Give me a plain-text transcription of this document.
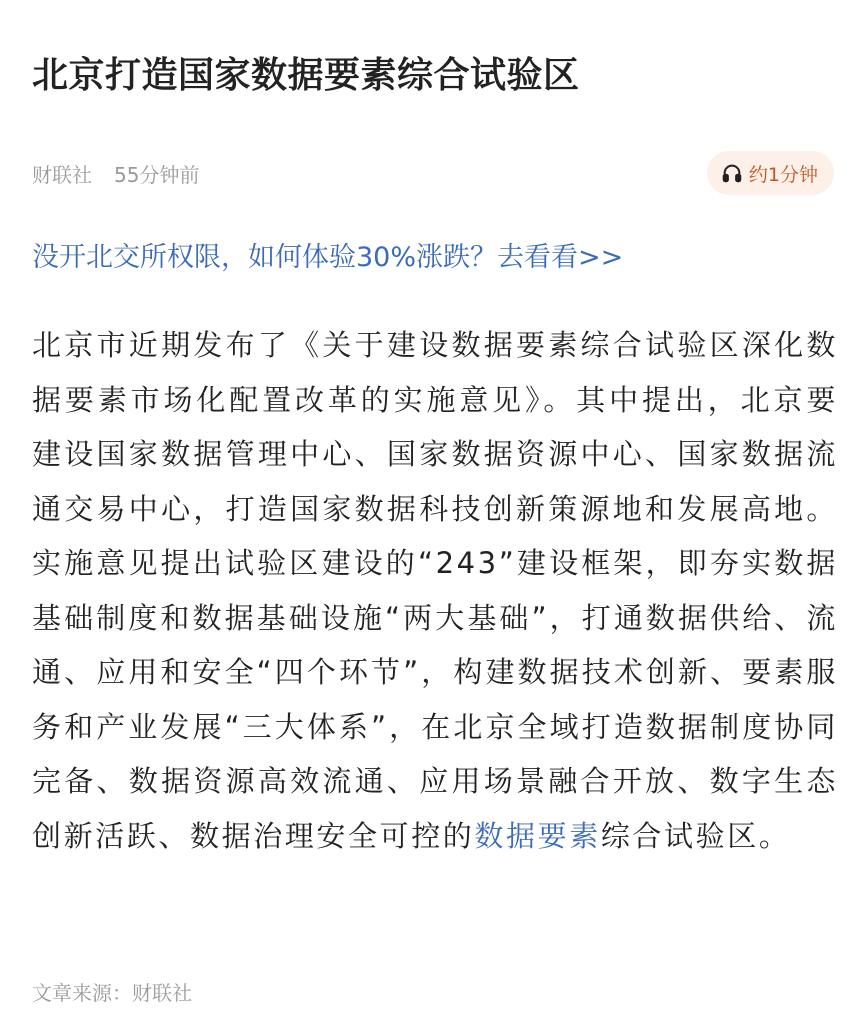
北京打造国家数据要素综合试验区
财联社 55分钟前	约1分钟
没开北交所权限，如何体验30%涨跌？去看看>>

北京市近期发布了《关于建设数据要素综合试验区深化数据要素市场化配置改革的实施意见》。其中提出，北京要建设国家数据管理中心、国家数据资源中心、国家数据流通交易中心，打造国家数据科技创新策源地和发展高地。实施意见提出试验区建设的“243”建设框架，即夯实数据基础制度和数据基础设施“两大基础”，打通数据供给、流通、应用和安全“四个环节”，构建数据技术创新、要素服务和产业发展“三大体系”，在北京全域打造数据制度协同完备、数据资源高效流通、应用场景融合开放、数字生态创新活跃、数据治理安全可控的数据要素综合试验区。

文章来源：财联社
